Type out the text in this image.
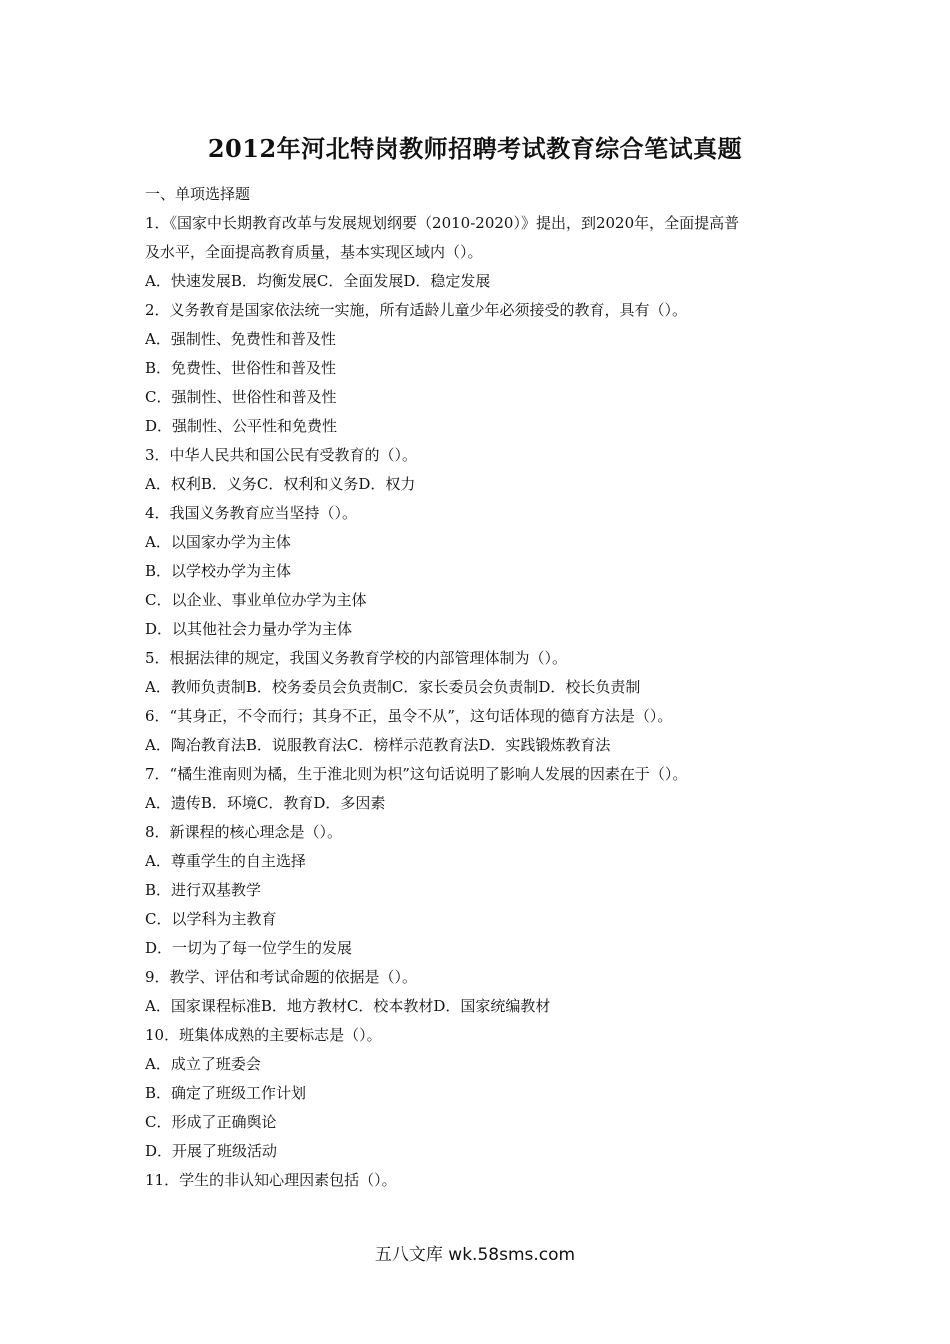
2012年河北特岗教师招聘考试教育综合笔试真题
一、单项选择题
1．《国家中长期教育改革与发展规划纲要（2010-2020）》提出，到2020年，全面提高普
及水平，全面提高教育质量，基本实现区域内（）。
A．快速发展B．均衡发展C．全面发展D．稳定发展
2．义务教育是国家依法统一实施，所有适龄儿童少年必须接受的教育，具有（）。
A．强制性、免费性和普及性
B．免费性、世俗性和普及性
C．强制性、世俗性和普及性
D．强制性、公平性和免费性
3．中华人民共和国公民有受教育的（）。
A．权利B．义务C．权利和义务D．权力
4．我国义务教育应当坚持（）。
A．以国家办学为主体
B．以学校办学为主体
C．以企业、事业单位办学为主体
D．以其他社会力量办学为主体
5．根据法律的规定，我国义务教育学校的内部管理体制为（）。
A．教师负责制B．校务委员会负责制C．家长委员会负责制D．校长负责制
6．“其身正，不令而行；其身不正，虽令不从”，这句话体现的德育方法是（）。
A．陶冶教育法B．说服教育法C．榜样示范教育法D．实践锻炼教育法
7．“橘生淮南则为橘，生于淮北则为枳”这句话说明了影响人发展的因素在于（）。
A．遗传B．环境C．教育D．多因素
8．新课程的核心理念是（）。
A．尊重学生的自主选择
B．进行双基教学
C．以学科为主教育
D．一切为了每一位学生的发展
9．教学、评估和考试命题的依据是（）。
A．国家课程标准B．地方教材C．校本教材D．国家统编教材
10．班集体成熟的主要标志是（）。
A．成立了班委会
B．确定了班级工作计划
C．形成了正确舆论
D．开展了班级活动
11．学生的非认知心理因素包括（）。
五八文库 wk.58sms.com
